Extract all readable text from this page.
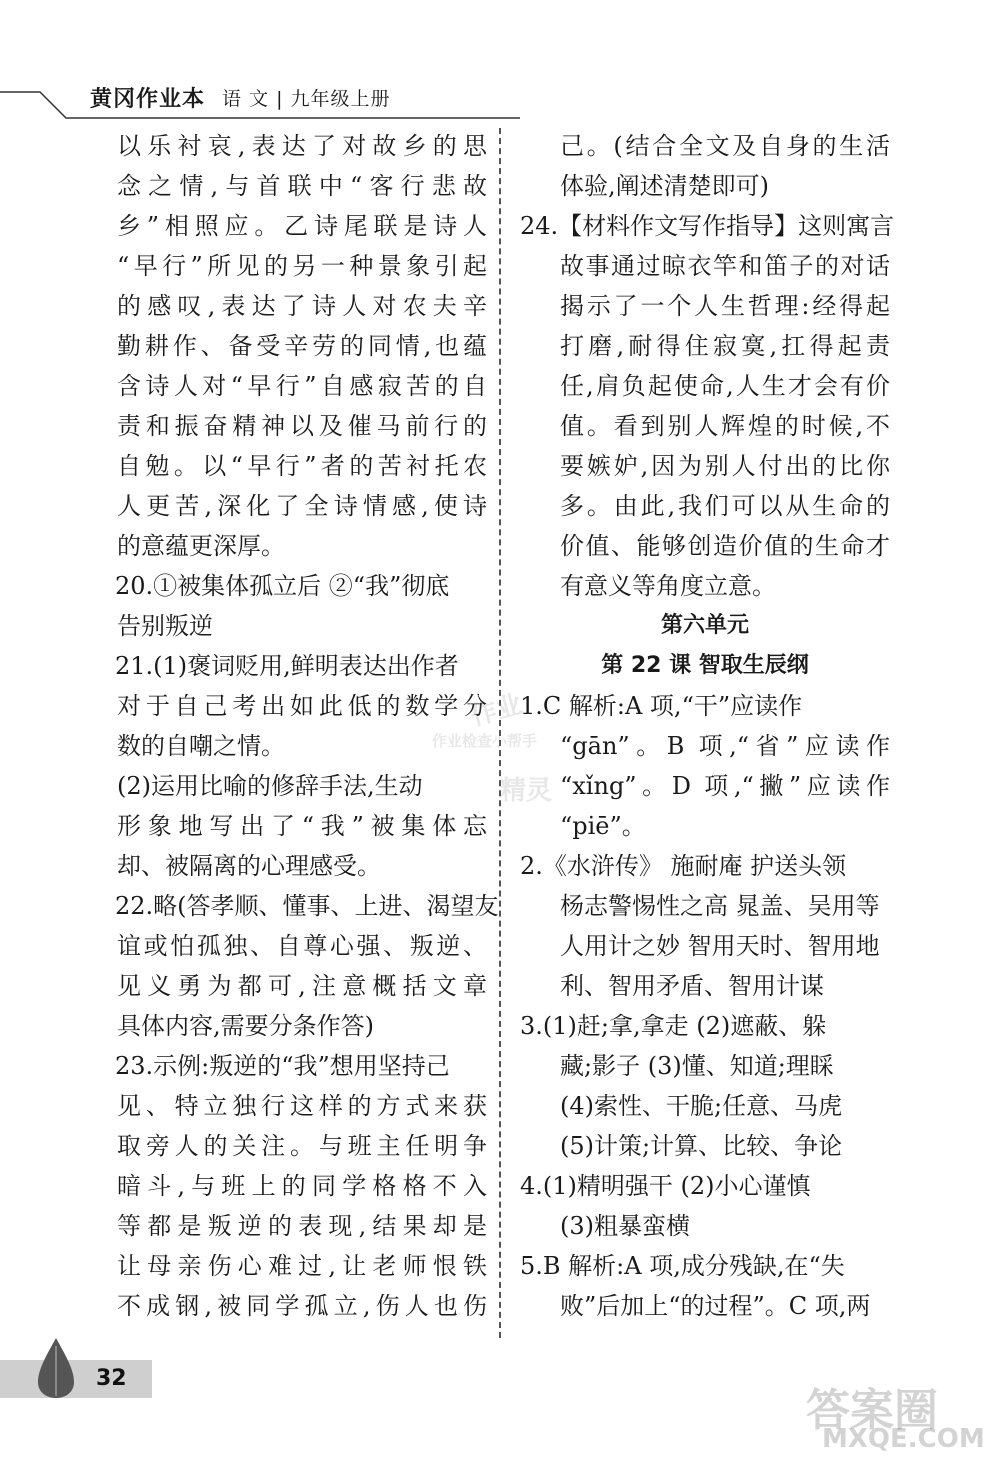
黄冈作业本 语 文 | 九年级上册
以乐衬哀,表达了对故乡的思
念之情,与首联中“客行悲故
乡”相照应。乙诗尾联是诗人
“早行”所见的另一种景象引起
的感叹,表达了诗人对农夫辛
勤耕作、备受辛劳的同情,也蕴
含诗人对“早行”自感寂苦的自
责和振奋精神以及催马前行的
自勉。以“早行”者的苦衬托农
人更苦,深化了全诗情感,使诗
的意蕴更深厚。
20.①被集体孤立后 ②“我”彻底
告别叛逆
21.(1)褒词贬用,鲜明表达出作者
对于自己考出如此低的数学分
数的自嘲之情。
(2)运用比喻的修辞手法,生动
形象地写出了“我”被集体忘
却、被隔离的心理感受。
22.略(答孝顺、懂事、上进、渴望友
谊或怕孤独、自尊心强、叛逆、
见义勇为都可,注意概括文章
具体内容,需要分条作答)
23.示例:叛逆的“我”想用坚持己
见、特立独行这样的方式来获
取旁人的关注。与班主任明争
暗斗,与班上的同学格格不入
等都是叛逆的表现,结果却是
让母亲伤心难过,让老师恨铁
不成钢,被同学孤立,伤人也伤
己。(结合全文及自身的生活
体验,阐述清楚即可)
24.【材料作文写作指导】这则寓言
故事通过晾衣竿和笛子的对话
揭示了一个人生哲理:经得起
打磨,耐得住寂寞,扛得起责
任,肩负起使命,人生才会有价
值。看到别人辉煌的时候,不
要嫉妒,因为别人付出的比你
多。由此,我们可以从生命的
价值、能够创造价值的生命才
有意义等角度立意。
第六单元
第 22 课 智取生辰纲
1.C 解析:A 项,“干”应读作
“gān”。B 项,“省”应读作
“xǐng”。D 项,“撇”应读作
“piē”。
2.《水浒传》 施耐庵 护送头领
杨志警惕性之高 晁盖、吴用等
人用计之妙 智用天时、智用地
利、智用矛盾、智用计谋
3.(1)赶;拿,拿走 (2)遮蔽、躲
藏;影子 (3)懂、知道;理睬
(4)索性、干脆;任意、马虎
(5)计策;计算、比较、争论
4.(1)精明强干 (2)小心谨慎
(3)粗暴蛮横
5.B 解析:A 项,成分残缺,在“失
败”后加上“的过程”。C 项,两
作业
作业检查小帮手
精灵
答案圈
MXQE.COM
32
